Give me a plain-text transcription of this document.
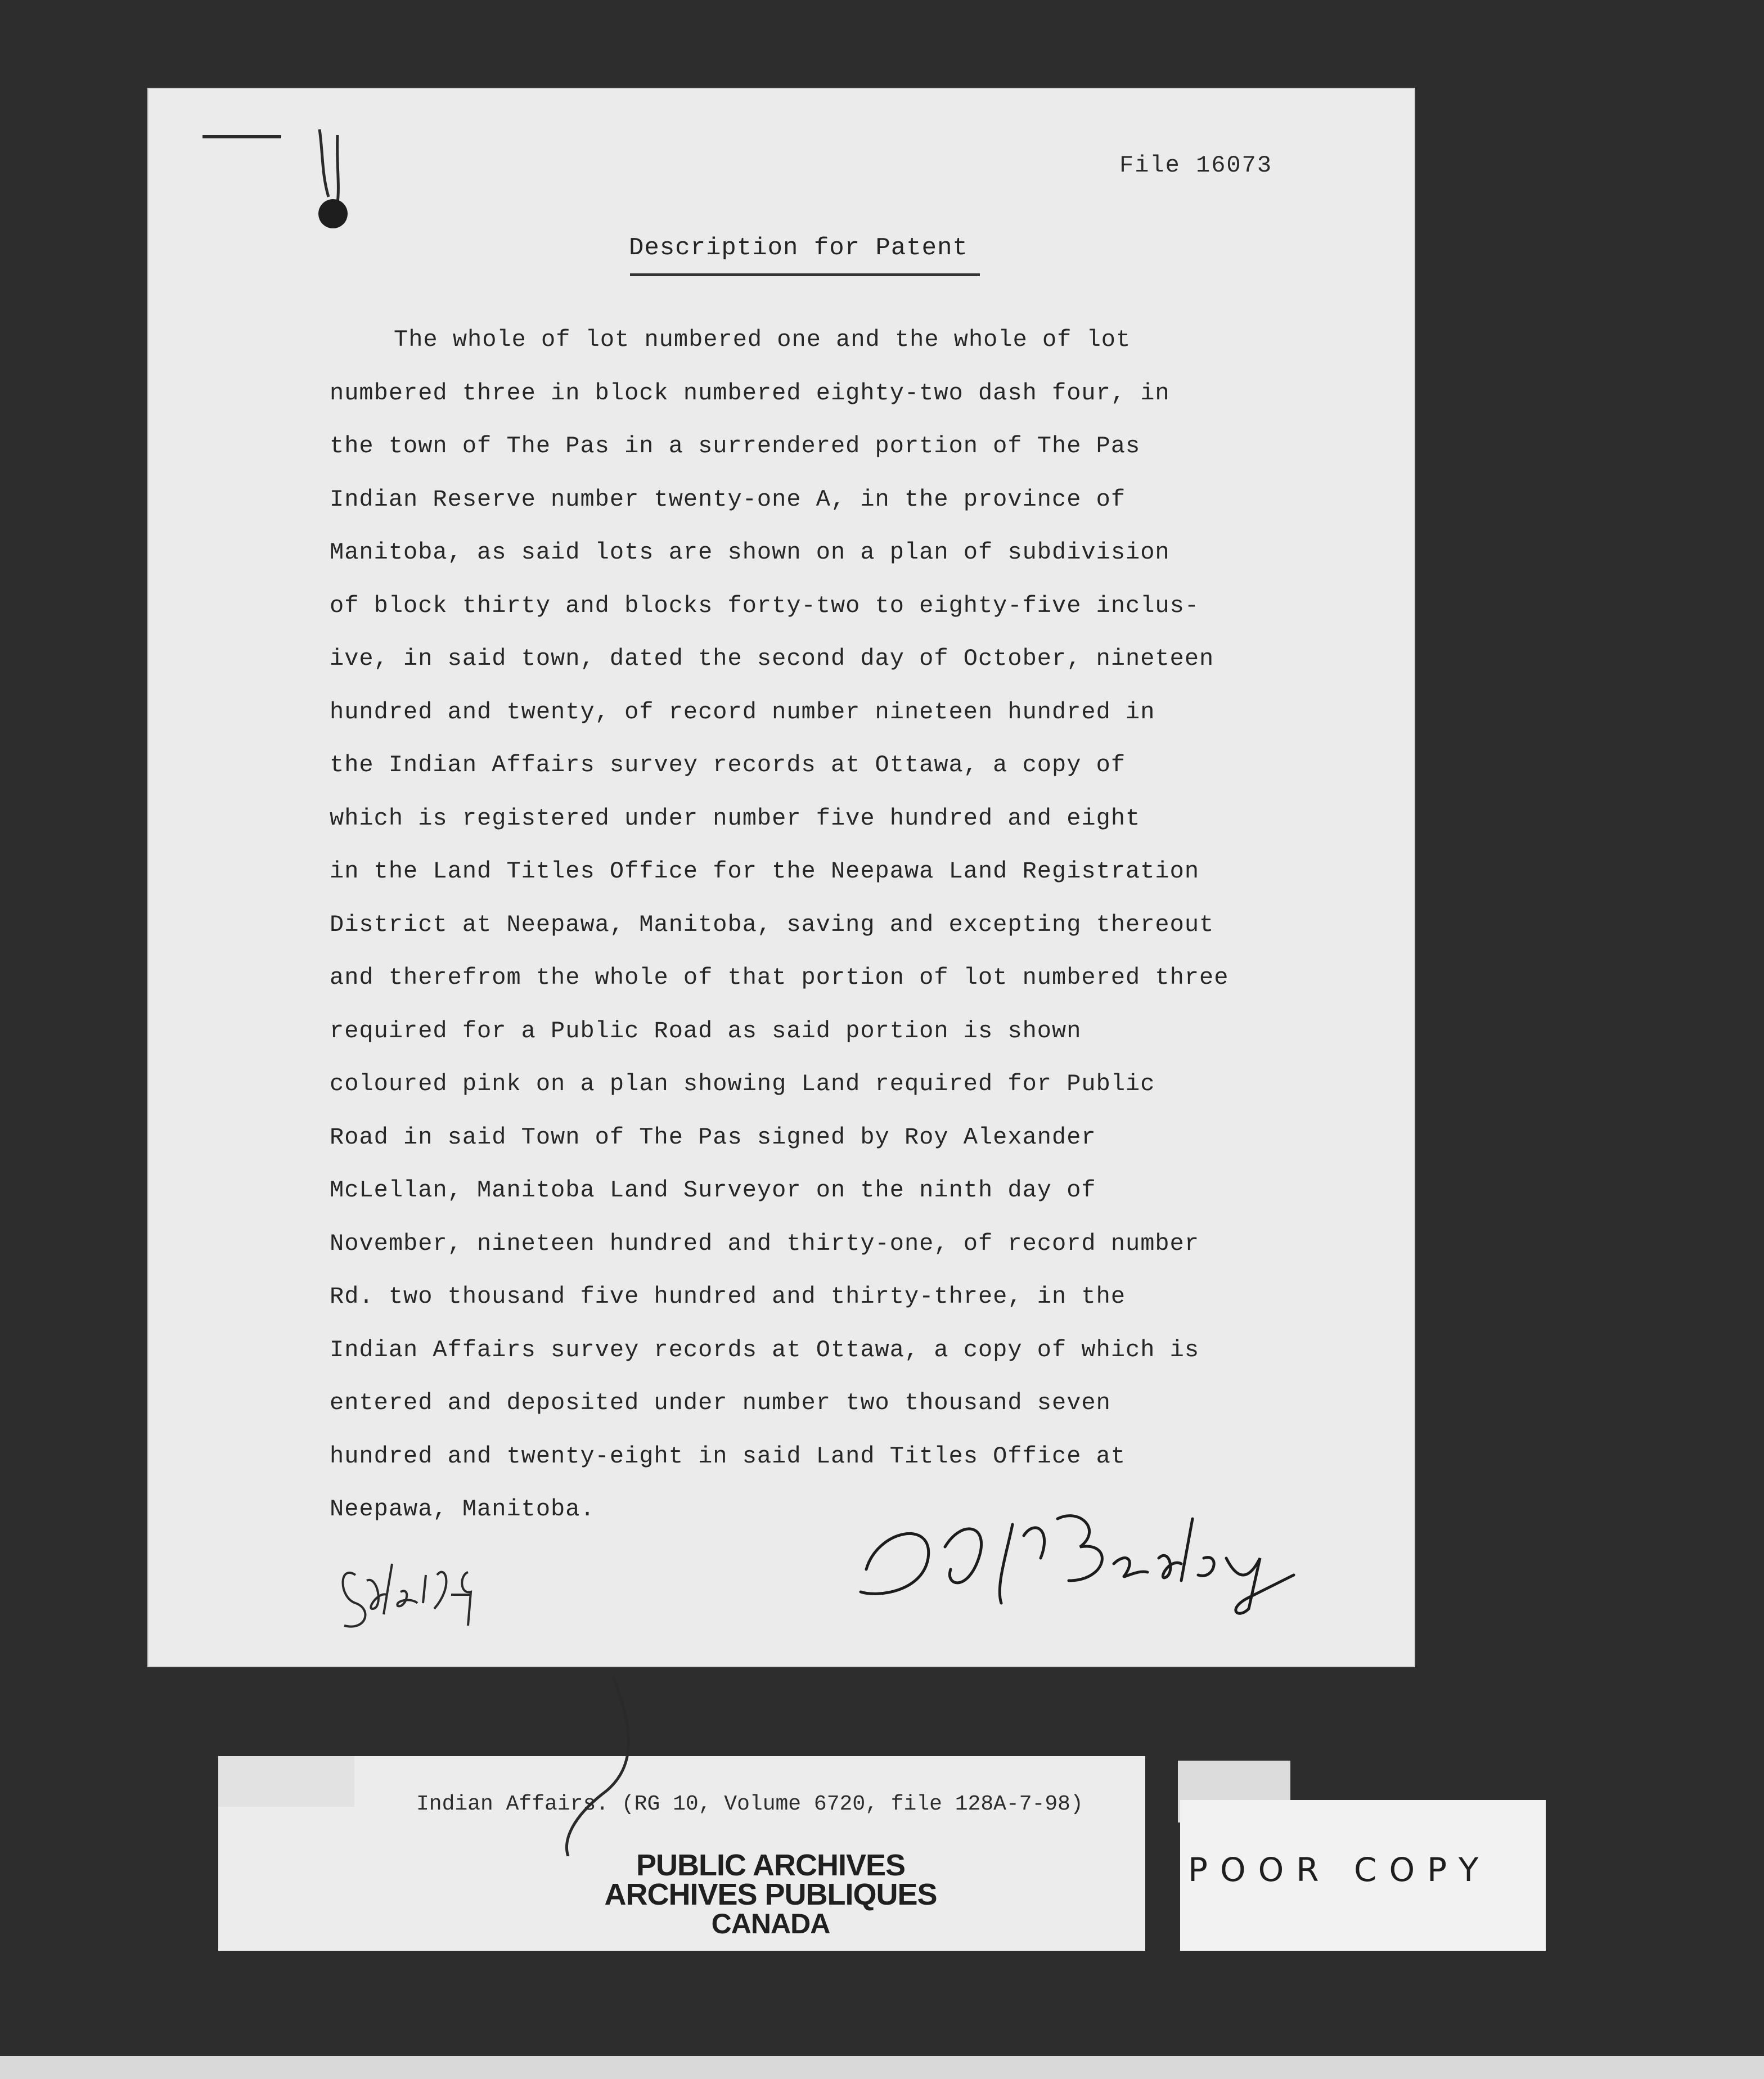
File 16073
Description for Patent
The whole of lot numbered one and the whole of lot
numbered three in block numbered eighty-two dash four, in
the town of The Pas in a surrendered portion of The Pas
Indian Reserve number twenty-one A, in the province of
Manitoba, as said lots are shown on a plan of subdivision
of block thirty and blocks forty-two to eighty-five inclus-
ive, in said town, dated the second day of October, nineteen
hundred and twenty, of record number nineteen hundred in
the Indian Affairs survey records at Ottawa, a copy of
which is registered under number five hundred and eight
in the Land Titles Office for the Neepawa Land Registration
District at Neepawa, Manitoba, saving and excepting thereout
and therefrom the whole of that portion of lot numbered three
required for a Public Road as said portion is shown
coloured pink on a plan showing Land required for Public
Road in said Town of The Pas signed by Roy Alexander
McLellan, Manitoba Land Surveyor on the ninth day of
November, nineteen hundred and thirty-one, of record number
Rd. two thousand five hundred and thirty-three, in the
Indian Affairs survey records at Ottawa, a copy of which is
entered and deposited under number two thousand seven
hundred and twenty-eight in said Land Titles Office at
Neepawa, Manitoba.
Indian Affairs. (RG 10, Volume 6720, file 128A-7-98)
PUBLIC ARCHIVES
ARCHIVES PUBLIQUES
CANADA
POOR COPY
